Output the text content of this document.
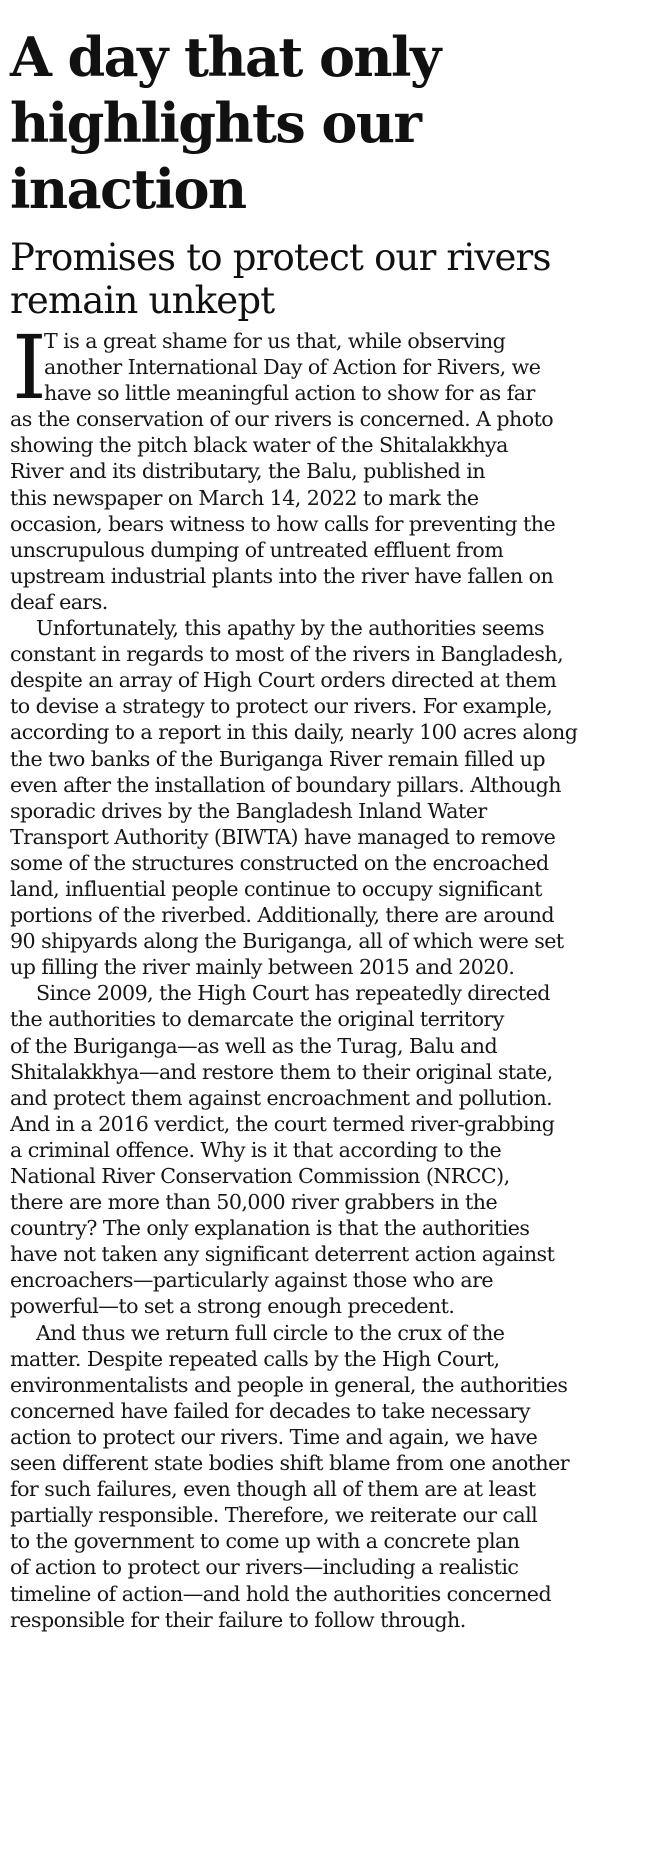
A day that only
highlights our
inaction
Promises to protect our rivers
remain unkept

I
T is a great shame for us that, while observing
another International Day of Action for Rivers, we
have so little meaningful action to show for as far
as the conservation of our rivers is concerned. A photo
showing the pitch black water of the Shitalakkhya
River and its distributary, the Balu, published in
this newspaper on March 14, 2022 to mark the
occasion, bears witness to how calls for preventing the
unscrupulous dumping of untreated effluent from
upstream industrial plants into the river have fallen on
deaf ears.

Unfortunately, this apathy by the authorities seems
constant in regards to most of the rivers in Bangladesh,
despite an array of High Court orders directed at them
to devise a strategy to protect our rivers. For example,
according to a report in this daily, nearly 100 acres along
the two banks of the Buriganga River remain filled up
even after the installation of boundary pillars. Although
sporadic drives by the Bangladesh Inland Water
Transport Authority (BIWTA) have managed to remove
some of the structures constructed on the encroached
land, influential people continue to occupy significant
portions of the riverbed. Additionally, there are around
90 shipyards along the Buriganga, all of which were set
up filling the river mainly between 2015 and 2020.

Since 2009, the High Court has repeatedly directed
the authorities to demarcate the original territory
of the Buriganga—as well as the Turag, Balu and
Shitalakkhya—and restore them to their original state,
and protect them against encroachment and pollution.
And in a 2016 verdict, the court termed river-grabbing
a criminal offence. Why is it that according to the
National River Conservation Commission (NRCC),
there are more than 50,000 river grabbers in the
country? The only explanation is that the authorities
have not taken any significant deterrent action against
encroachers—particularly against those who are
powerful—to set a strong enough precedent.

And thus we return full circle to the crux of the
matter. Despite repeated calls by the High Court,
environmentalists and people in general, the authorities
concerned have failed for decades to take necessary
action to protect our rivers. Time and again, we have
seen different state bodies shift blame from one another
for such failures, even though all of them are at least
partially responsible. Therefore, we reiterate our call
to the government to come up with a concrete plan
of action to protect our rivers—including a realistic
timeline of action—and hold the authorities concerned
responsible for their failure to follow through.
